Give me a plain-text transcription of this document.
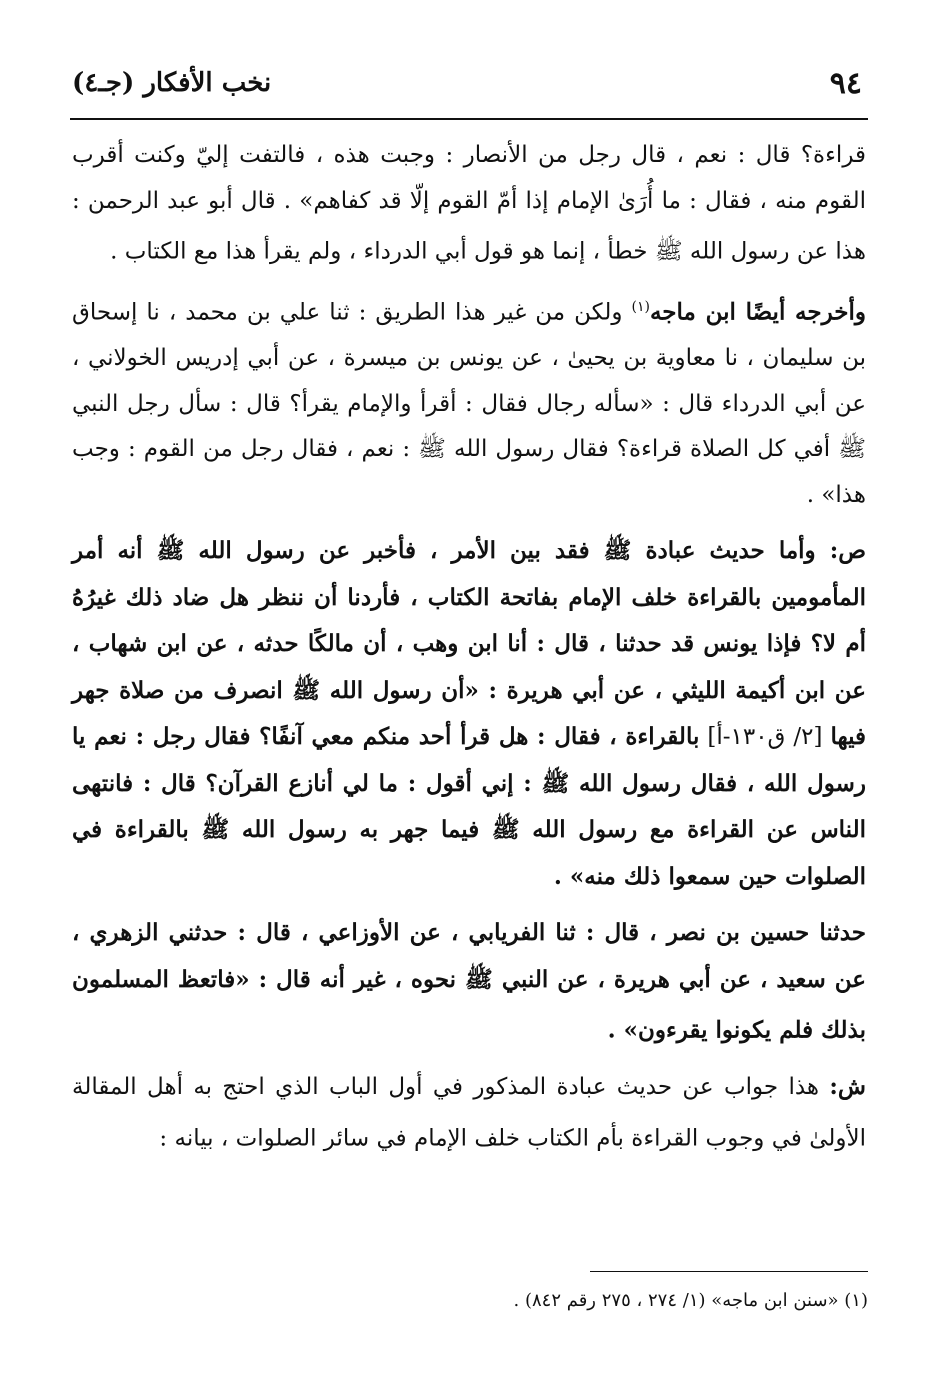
٩٤
نخب الأفكار (جـ٤)

قراءة؟ قال : نعم ، قال رجل من الأنصار : وجبت هذه ، فالتفت إليّ وكنت أقرب القوم منه ، فقال : ما أُرَىٰ الإمام إذا أمّ القوم إلّا قد كفاهم» . قال أبو عبد الرحمن : هذا عن رسول الله ﷺ خطأ ، إنما هو قول أبي الدرداء ، ولم يقرأ هذا مع الكتاب .

وأخرجه أيضًا ابن ماجه$^{(١)}$ ولكن من غير هذا الطريق : ثنا علي بن محمد ، نا إسحاق بن سليمان ، نا معاوية بن يحيىٰ ، عن يونس بن ميسرة ، عن أبي إدريس الخولاني ، عن أبي الدرداء قال : «سأله رجال فقال : أقرأ والإمام يقرأ؟ قال : سأل رجل النبي ﷺ أفي كل الصلاة قراءة؟ فقال رسول الله ﷺ : نعم ، فقال رجل من القوم : وجب هذا» .

ص: وأما حديث عبادة ﷺ فقد بين الأمر ، فأخبر عن رسول الله ﷺ أنه أمر المأمومين بالقراءة خلف الإمام بفاتحة الكتاب ، فأردنا أن ننظر هل ضاد ذلك غيرُهُ أم لا؟ فإذا يونس قد حدثنا ، قال : أنا ابن وهب ، أن مالكًا حدثه ، عن ابن شهاب ، عن ابن أكيمة الليثي ، عن أبي هريرة : «أن رسول الله ﷺ انصرف من صلاة جهر فيها [٢/ ق١٣٠-أ] بالقراءة ، فقال : هل قرأ أحد منكم معي آنفًا؟ فقال رجل : نعم يا رسول الله ، فقال رسول الله ﷺ : إني أقول : ما لي أنازع القرآن؟ قال : فانتهى الناس عن القراءة مع رسول الله ﷺ فيما جهر به رسول الله ﷺ بالقراءة في الصلوات حين سمعوا ذلك منه» .

حدثنا حسين بن نصر ، قال : ثنا الفريابي ، عن الأوزاعي ، قال : حدثني الزهري ، عن سعيد ، عن أبي هريرة ، عن النبي ﷺ نحوه ، غير أنه قال : «فاتعظ المسلمون بذلك فلم يكونوا يقرءون» .

ش: هذا جواب عن حديث عبادة المذكور في أول الباب الذي احتج به أهل المقالة الأولىٰ في وجوب القراءة بأم الكتاب خلف الإمام في سائر الصلوات ، بيانه :

(١) «سنن ابن ماجه» (١/ ٢٧٤ ، ٢٧٥ رقم ٨٤٢) .
